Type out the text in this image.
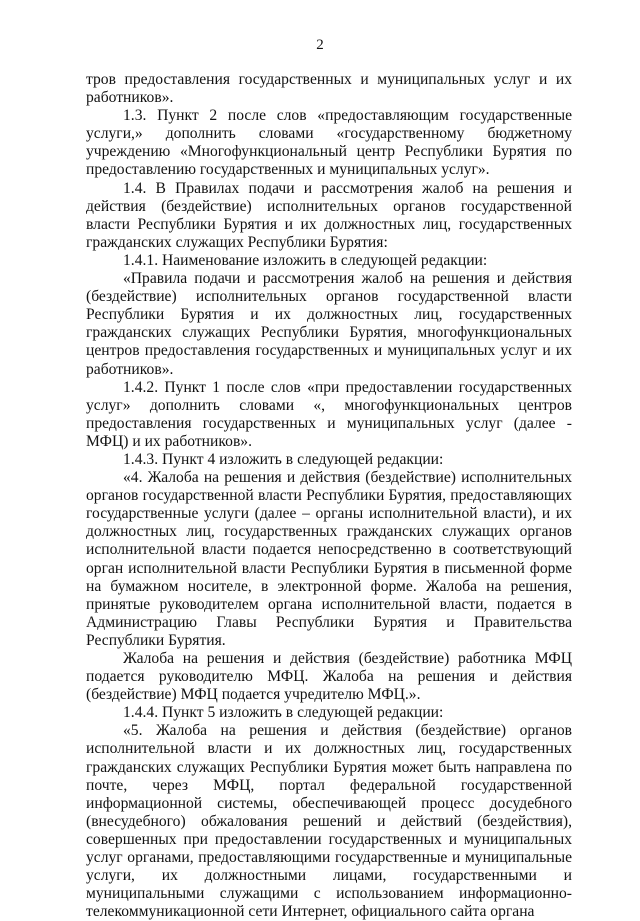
2

тров предоставления государственных и муниципальных услуг и их работников».

1.3. Пункт 2 после слов «предоставляющим государственные услуги,» дополнить словами «государственному бюджетному учреждению «Многофункциональный центр Республики Бурятия по предоставлению государственных и муниципальных услуг».

1.4. В Правилах подачи и рассмотрения жалоб на решения и действия (бездействие) исполнительных органов государственной власти Республики Бурятия и их должностных лиц, государственных гражданских служащих Республики Бурятия:

1.4.1. Наименование изложить в следующей редакции:

«Правила подачи и рассмотрения жалоб на решения и действия (бездействие) исполнительных органов государственной власти Республики Бурятия и их должностных лиц, государственных гражданских служащих Республики Бурятия, многофункциональных центров предоставления государственных и муниципальных услуг и их работников».

1.4.2. Пункт 1 после слов «при предоставлении государственных услуг» дополнить словами «, многофункциональных центров предоставления государственных и муниципальных услуг (далее - МФЦ) и их работников».

1.4.3. Пункт 4 изложить в следующей редакции:

«4. Жалоба на решения и действия (бездействие) исполнительных органов государственной власти Республики Бурятия, предоставляющих государственные услуги (далее – органы исполнительной власти), и их должностных лиц, государственных гражданских служащих органов исполнительной власти подается непосредственно в соответствующий орган исполнительной власти Республики Бурятия в письменной форме на бумажном носителе, в электронной форме. Жалоба на решения, принятые руководителем органа исполнительной власти, подается в Администрацию Главы Республики Бурятия и Правительства Республики Бурятия.

Жалоба на решения и действия (бездействие) работника МФЦ подается руководителю МФЦ. Жалоба на решения и действия (бездействие) МФЦ подается учредителю МФЦ.».

1.4.4. Пункт 5 изложить в следующей редакции:

«5. Жалоба на решения и действия (бездействие) органов исполнительной власти и их должностных лиц, государственных гражданских служащих Республики Бурятия может быть направлена по почте, через МФЦ, портал федеральной государственной информационной системы, обеспечивающей процесс досудебного (внесудебного) обжалования решений и действий (бездействия), совершенных при предоставлении государственных и муниципальных услуг органами, предоставляющими государственные и муниципальные услуги, их должностными лицами, государственными и муниципальными служащими с использованием информационно-телекоммуникационной сети Интернет, официального сайта органа
